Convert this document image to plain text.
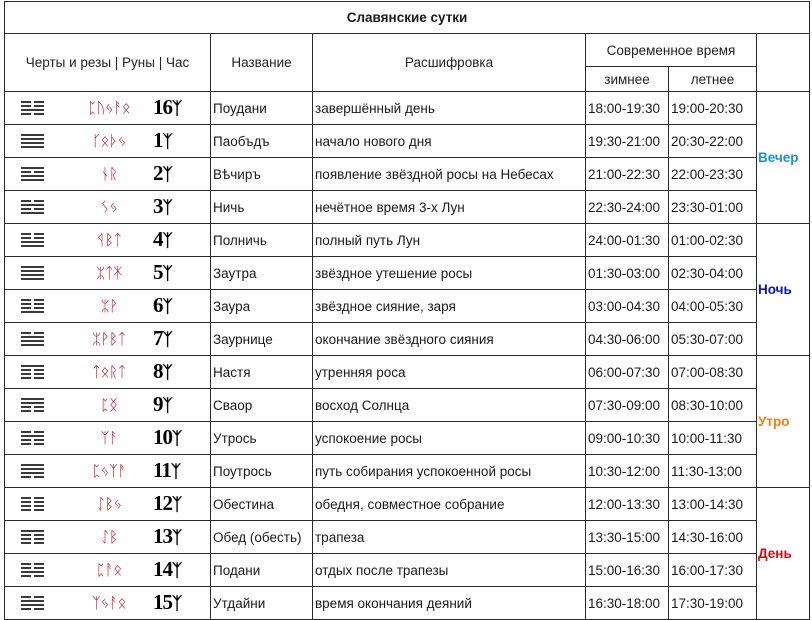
Славянские сутки					
Черты и резы | Руны | Час	Название	Расшифровка	Современное время		
			зимнее	летнее	

ᛈᚢᛃᚨᛟ 16ᛉ	Поудани	завершённый день	18:00-19:30	19:00-20:30	Вечер

ᚴᛟᚦᛃ 1ᛉ	Паобъдъ	начало нового дня	19:30-21:00	20:30-22:00	

ᚾᚱ 2ᛉ	Вѣчиръ	появление звёздной росы на Небесах	21:00-22:30	22:00-23:30	

ᛊᛃ 3ᛉ	Ничь	нечётное время 3-х Лун	22:30-24:00	23:30-01:00	

ᛩᛒᛏ 4ᛉ	Полничь	полный путь Лун	24:00-01:30	01:00-02:30	Ночь

ᛯᛏᛡ 5ᛉ	Заутра	звёздное утешение росы	01:30-03:00	02:30-04:00	

ᛯᚹ 6ᛉ	Заура	звёздное сияние, заря	03:00-04:30	04:00-05:30	

ᛯᚹᛒᛏ 7ᛉ	Заурнице	окончание звёздного сияния	04:30-06:00	05:30-07:00	

ᛏᛟᚱᛏ 8ᛉ	Настя	утренняя роса	06:00-07:30	07:00-08:30	Утро

ᛈᛝ 9ᛉ	Сваор	восход Солнца	07:30-09:00	08:30-10:00	

ᛉᚨ 10ᛉ	Утрось	успокоение росы	09:00-10:30	10:00-11:30	

ᛈᛃᛉᚨ 11ᛉ	Поутрось	путь собирания успокоенной росы	10:30-12:00	11:30-13:00	

ᛇᛒᛃ 12ᛉ	Обестина	обедня, совместное собрание	12:00-13:30	13:00-14:30	День

ᛇᛒ 13ᛉ	Обед (обесть)	трапеза	13:30-15:00	14:30-16:00	

ᛈᚨᛟ 14ᛉ	Подани	отдых после трапезы	15:00-16:30	16:00-17:30	

ᛉᛃᚨᛟ 15ᛉ	Утдайни	время окончания деяний	16:30-18:00	17:30-19:00	
